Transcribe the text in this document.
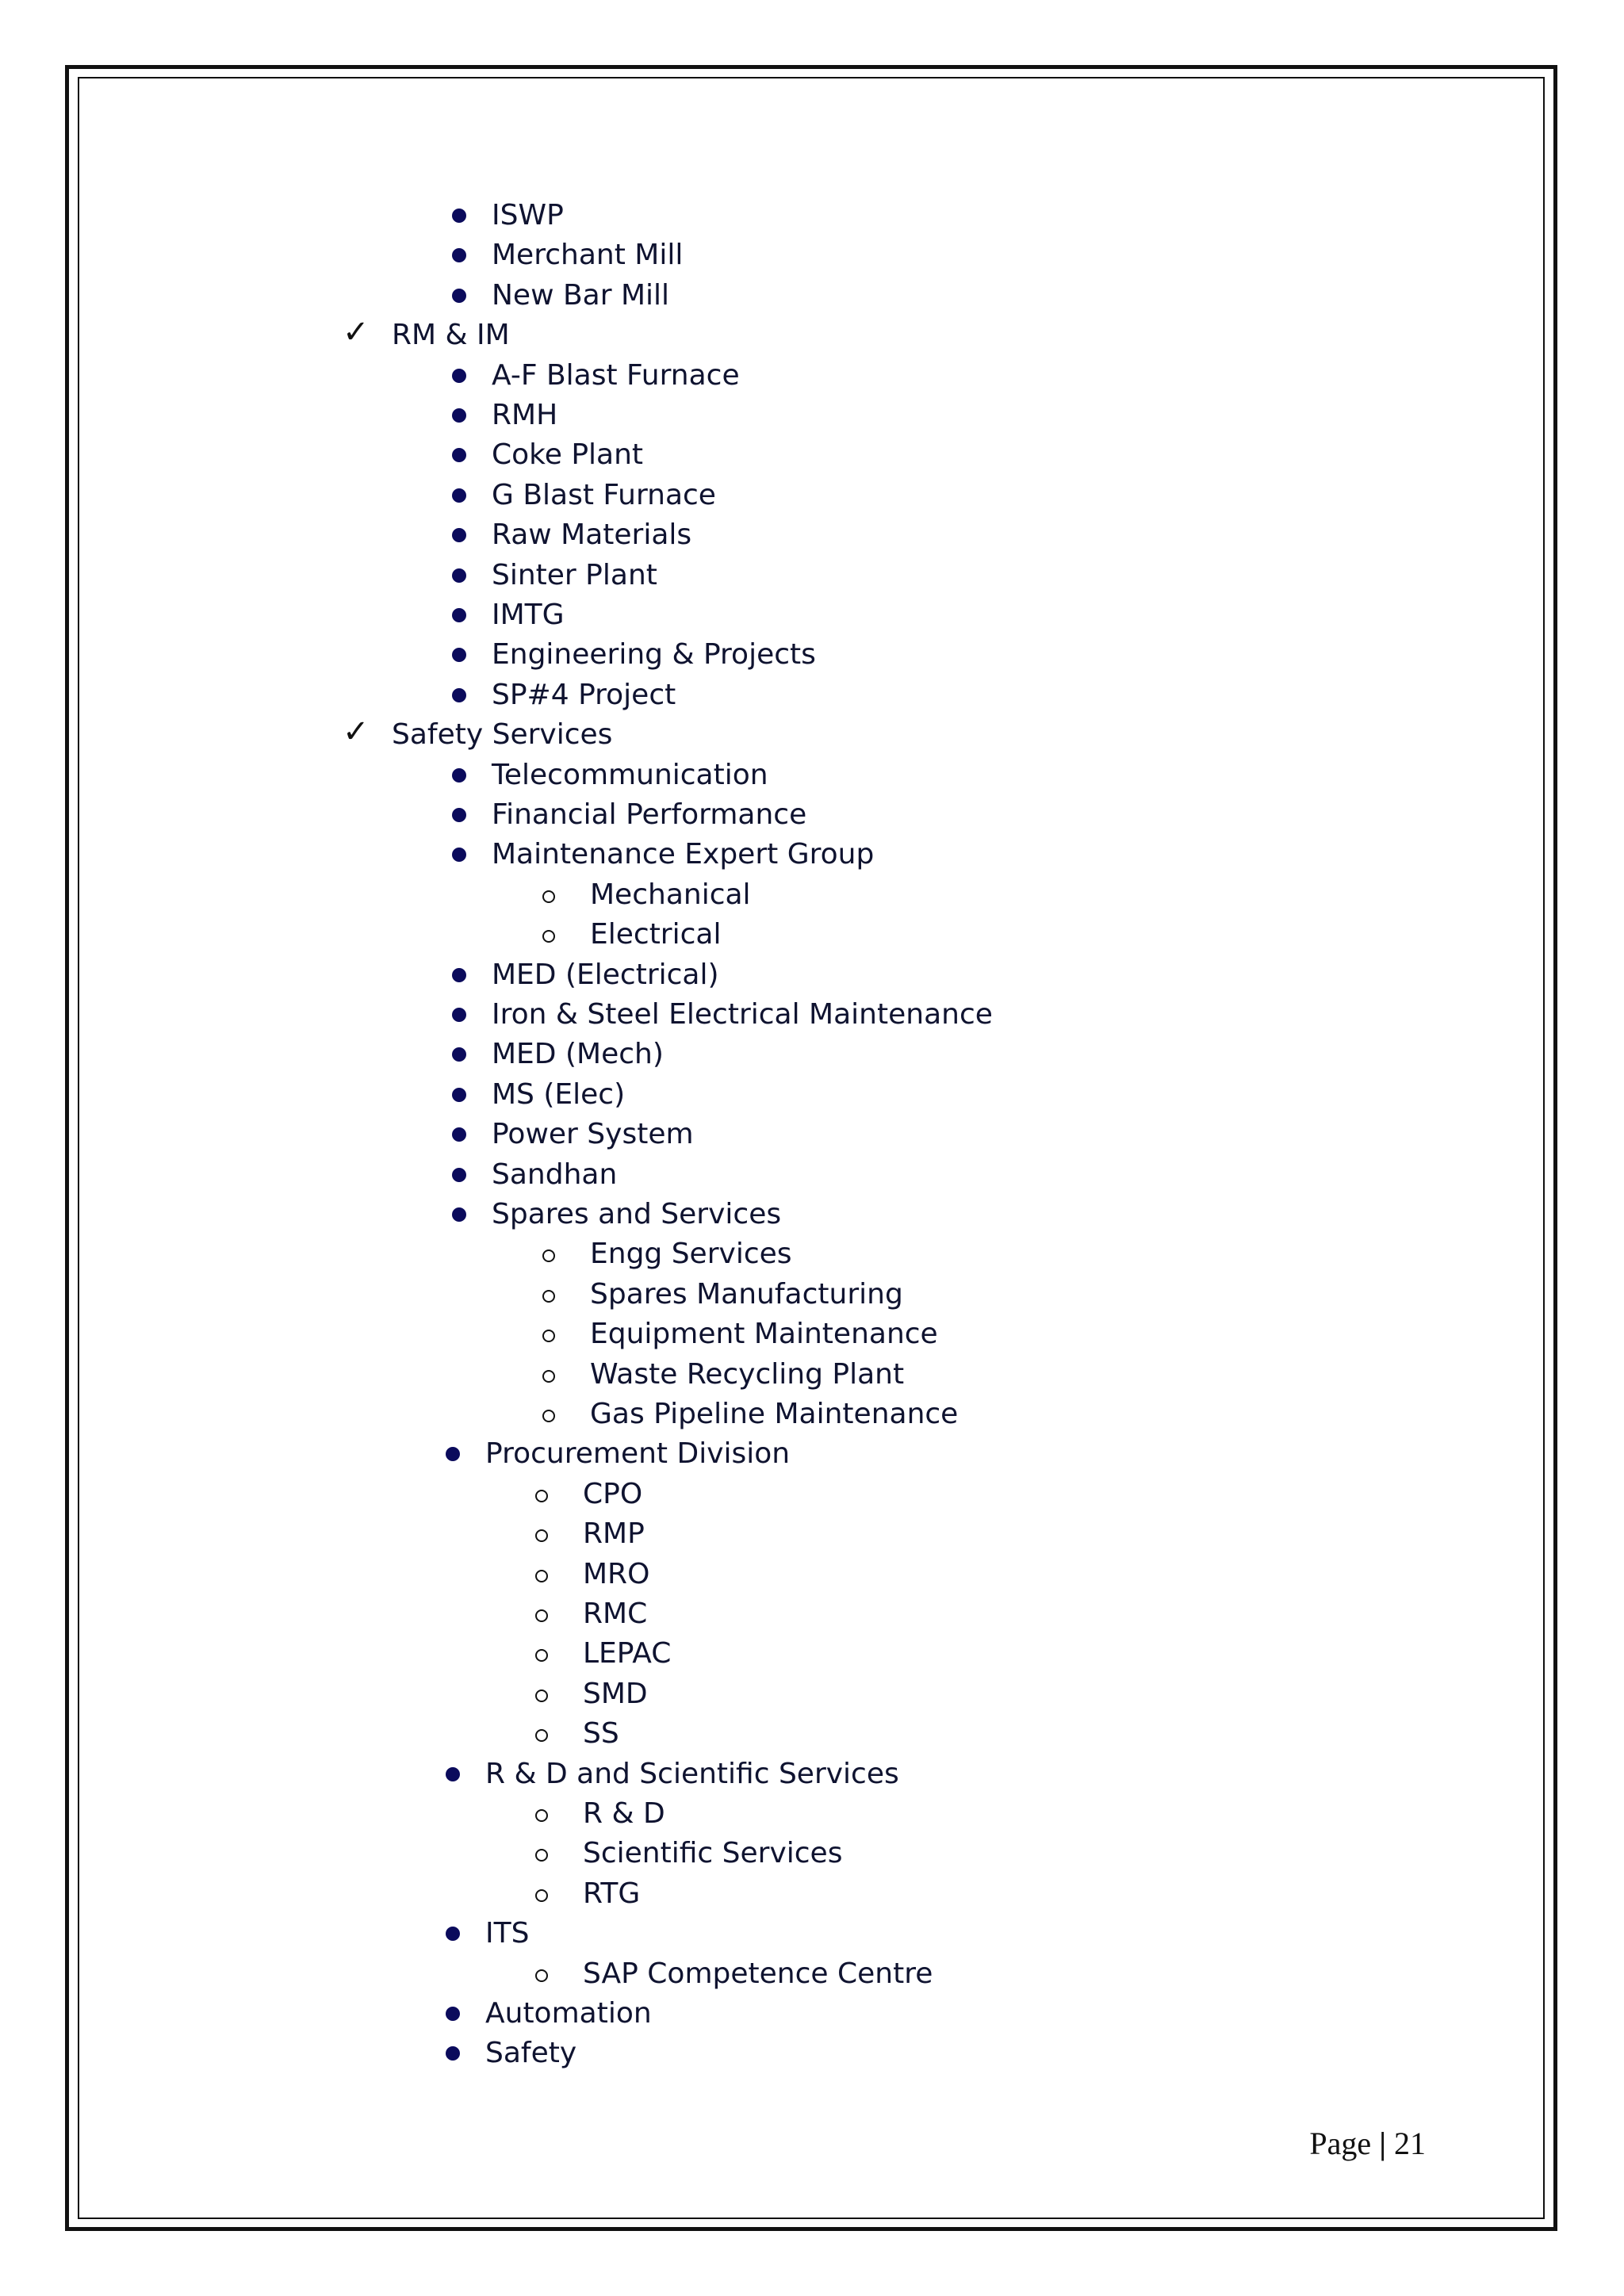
ISWP
Merchant Mill
New Bar Mill
✓ RM & IM
A-F Blast Furnace
RMH
Coke Plant
G Blast Furnace
Raw Materials
Sinter Plant
IMTG
Engineering & Projects
SP#4 Project
✓ Safety Services
Telecommunication
Financial Performance
Maintenance Expert Group
Mechanical
Electrical
MED (Electrical)
Iron & Steel Electrical Maintenance
MED (Mech)
MS (Elec)
Power System
Sandhan
Spares and Services
Engg Services
Spares Manufacturing
Equipment Maintenance
Waste Recycling Plant
Gas Pipeline Maintenance
Procurement Division
CPO
RMP
MRO
RMC
LEPAC
SMD
SS
R & D and Scientific Services
R & D
Scientific Services
RTG
ITS
SAP Competence Centre
Automation
Safety
Page | 21
